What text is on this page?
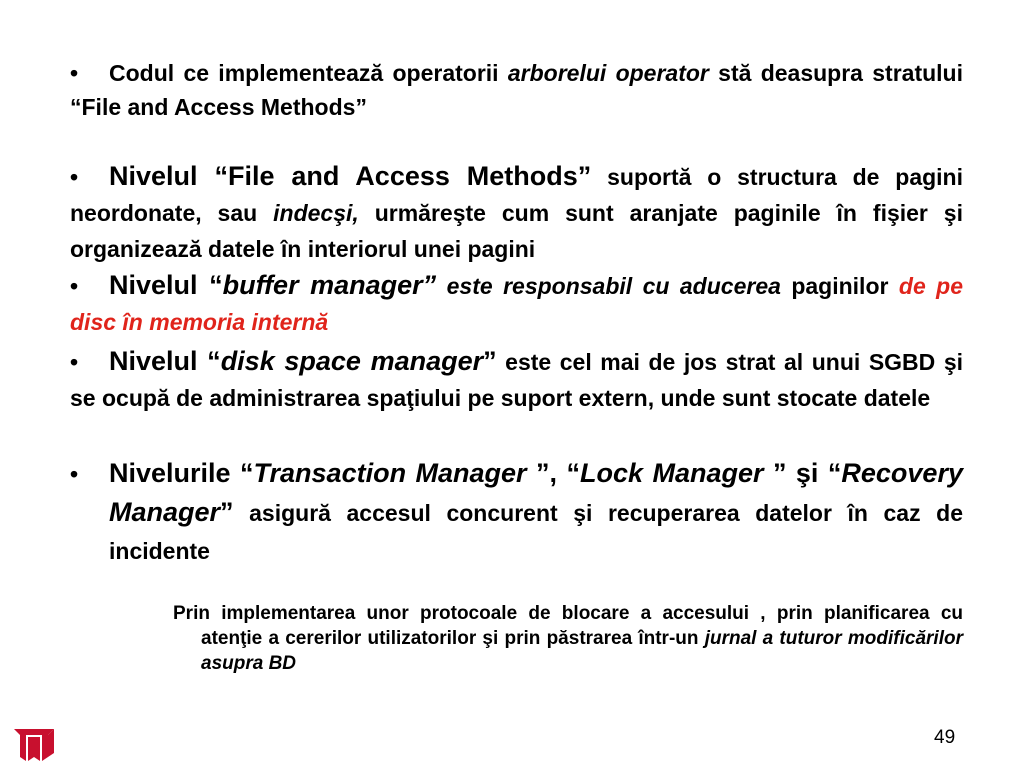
• Codul ce implementează operatorii arborelui operator stă deasupra stratului “File and Access Methods”
• Nivelul “File and Access Methods” suportă o structura de pagini neordonate, sau indecşi, urmăreşte cum sunt aranjate paginile în fişier şi organizează datele în interiorul unei pagini
• Nivelul “buffer manager” este responsabil cu aducerea paginilor de pe disc în memoria internă
• Nivelul “disk space manager” este cel mai de jos strat al unui SGBD şi se ocupă de administrarea spaţiului pe suport extern, unde sunt stocate datele
• Nivelurile “Transaction Manager ”, “Lock Manager ” şi “Recovery Manager” asigură accesul concurent şi recuperarea datelor în caz de incidente
Prin implementarea unor protocoale de blocare a accesului , prin planificarea cu atenţie a cererilor utilizatorilor şi prin păstrarea într-un jurnal a tuturor modificărilor asupra BD
49
